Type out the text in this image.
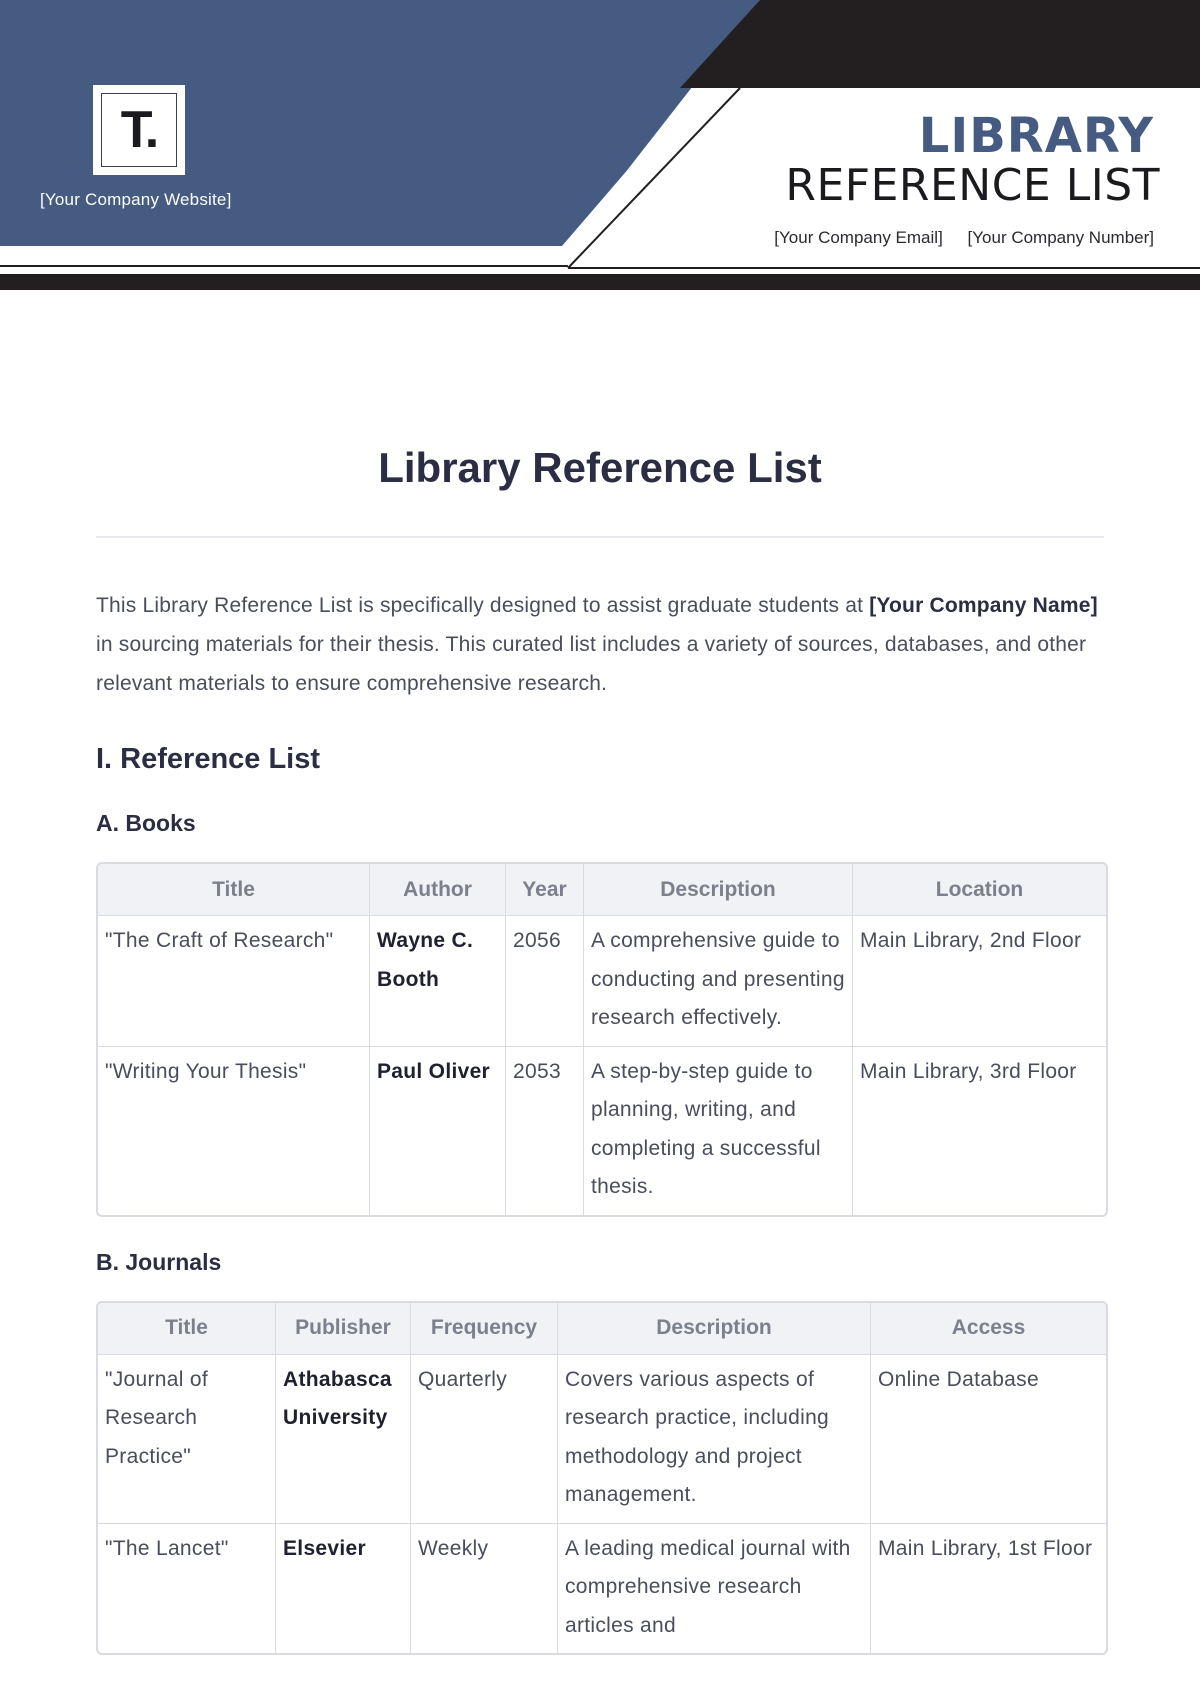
T.
[Your Company Website]
LIBRARY
REFERENCE LIST
[Your Company Email] [Your Company Number]
Library Reference List

This Library Reference List is specifically designed to assist graduate students at [Your Company Name] in sourcing materials for their thesis. This curated list includes a variety of sources, databases, and other relevant materials to ensure comprehensive research.

I. Reference List
A. Books
Title	Author	Year	Description	Location
"The Craft of Research"	Wayne C. Booth	2056	A comprehensive guide to conducting and presenting research effectively.	Main Library, 2nd Floor
"Writing Your Thesis"	Paul Oliver	2053	A step-by-step guide to planning, writing, and completing a successful thesis.	Main Library, 3rd Floor
B. Journals
Title	Publisher	Frequency	Description	Access
"Journal of Research Practice"	Athabasca University	Quarterly	Covers various aspects of research practice, including methodology and project management.	Online Database
"The Lancet"	Elsevier	Weekly	A leading medical journal with comprehensive research articles and	Main Library, 1st Floor
